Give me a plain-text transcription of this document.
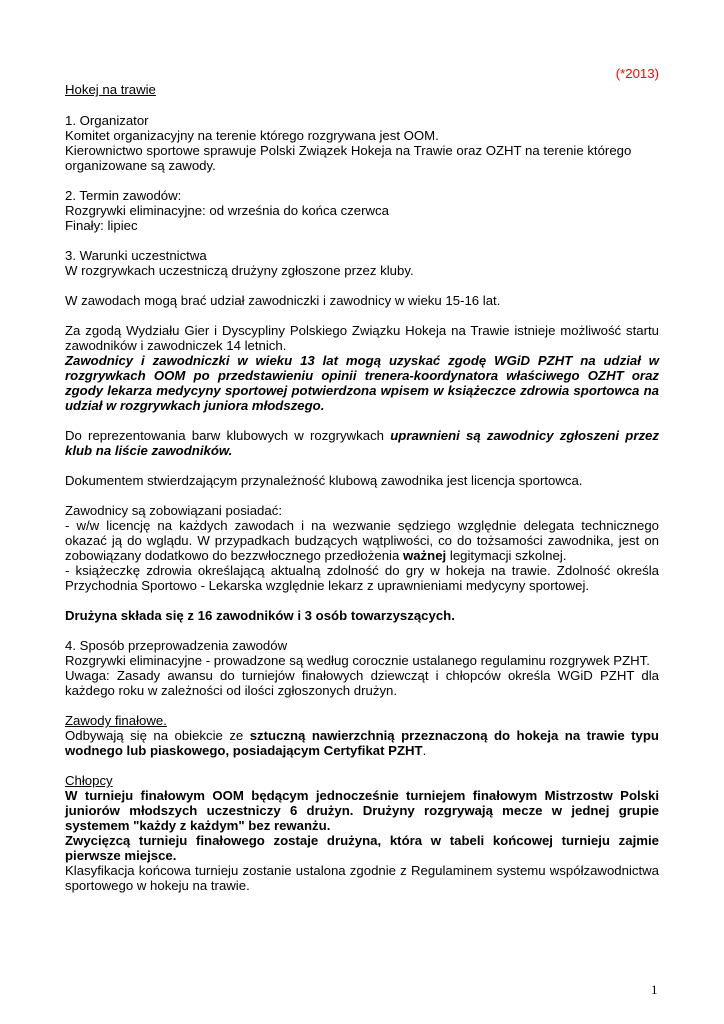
(*2013)
Hokej na trawie

1. Organizator

Komitet organizacyjny na terenie którego rozgrywana jest OOM.

Kierownictwo sportowe sprawuje Polski Związek Hokeja na Trawie oraz OZHT na terenie którego organizowane są zawody.

2. Termin zawodów:

Rozgrywki eliminacyjne: od września do końca czerwca

Finały: lipiec

3. Warunki uczestnictwa

W rozgrywkach uczestniczą drużyny zgłoszone przez kluby.

W zawodach mogą brać udział zawodniczki i zawodnicy w wieku 15-16 lat.

Za zgodą Wydziału Gier i Dyscypliny Polskiego Związku Hokeja na Trawie istnieje możliwość startu zawodników i zawodniczek 14 letnich.

Zawodnicy i zawodniczki w wieku 13 lat mogą uzyskać zgodę WGiD PZHT na udział w rozgrywkach OOM po przedstawieniu opinii trenera-koordynatora właściwego OZHT oraz zgody lekarza medycyny sportowej potwierdzona wpisem w książeczce zdrowia sportowca na udział w rozgrywkach juniora młodszego.

Do reprezentowania barw klubowych w rozgrywkach uprawnieni są zawodnicy zgłoszeni przez klub na liście zawodników.

Dokumentem stwierdzającym przynależność klubową zawodnika jest licencja sportowca.

Zawodnicy są zobowiązani posiadać:

- w/w licencję na każdych zawodach i na wezwanie sędziego względnie delegata technicznego okazać ją do wglądu. W przypadkach budzących wątpliwości, co do tożsamości zawodnika, jest on zobowiązany dodatkowo do bezzwłocznego przedłożenia ważnej legitymacji szkolnej.

- książeczkę zdrowia określającą aktualną zdolność do gry w hokeja na trawie. Zdolność określa Przychodnia Sportowo - Lekarska względnie lekarz z uprawnieniami medycyny sportowej.

Drużyna składa się z 16 zawodników i 3 osób towarzyszących.

4. Sposób przeprowadzenia zawodów

Rozgrywki eliminacyjne - prowadzone są według corocznie ustalanego regulaminu rozgrywek PZHT.

Uwaga: Zasady awansu do turniejów finałowych dziewcząt i chłopców określa WGiD PZHT dla każdego roku w zależności od ilości zgłoszonych drużyn.

Zawody finałowe.

Odbywają się na obiekcie ze sztuczną nawierzchnią przeznaczoną do hokeja na trawie typu wodnego lub piaskowego, posiadającym Certyfikat PZHT.

Chłopcy

W turnieju finałowym OOM będącym jednocześnie turniejem finałowym Mistrzostw Polski juniorów młodszych uczestniczy 6 drużyn. Drużyny rozgrywają mecze w jednej grupie systemem "każdy z każdym" bez rewanżu.

Zwycięzcą turnieju finałowego zostaje drużyna, która w tabeli końcowej turnieju zajmie pierwsze miejsce.

Klasyfikacja końcowa turnieju zostanie ustalona zgodnie z Regulaminem systemu współzawodnictwa sportowego w hokeju na trawie.

1
